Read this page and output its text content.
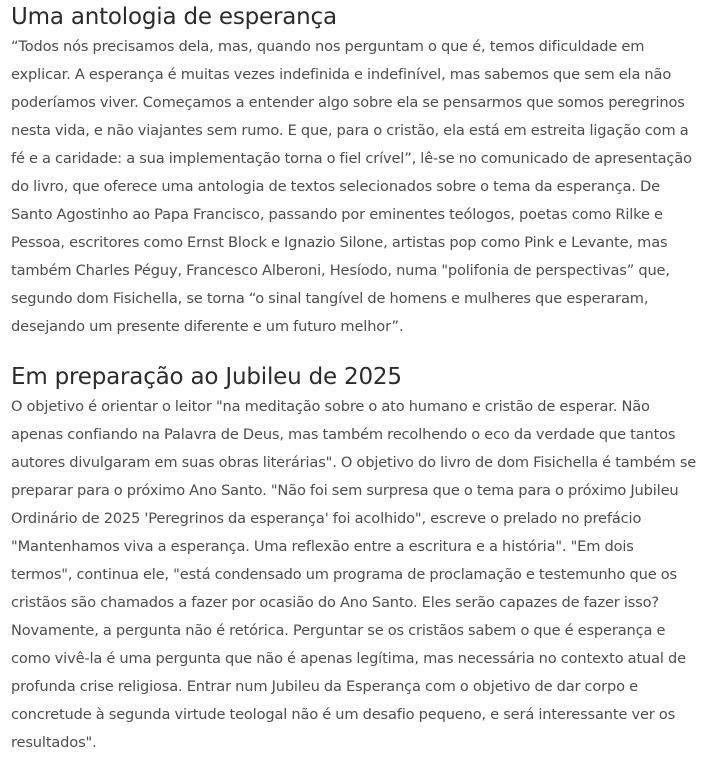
Uma antologia de esperança

“Todos nós precisamos dela, mas, quando nos perguntam o que é, temos dificuldade em explicar. A esperança é muitas vezes indefinida e indefinível, mas sabemos que sem ela não poderíamos viver. Começamos a entender algo sobre ela se pensarmos que somos peregrinos nesta vida, e não viajantes sem rumo. E que, para o cristão, ela está em estreita ligação com a fé e a caridade: a sua implementação torna o fiel crível”, lê-se no comunicado de apresentação do livro, que oferece uma antologia de textos selecionados sobre o tema da esperança. De Santo Agostinho ao Papa Francisco, passando por eminentes teólogos, poetas como Rilke e Pessoa, escritores como Ernst Block e Ignazio Silone, artistas pop como Pink e Levante, mas também Charles Péguy, Francesco Alberoni, Hesíodo, numa "polifonia de perspectivas” que, segundo dom Fisichella, se torna “o sinal tangível de homens e mulheres que esperaram, desejando um presente diferente e um futuro melhor”.

Em preparação ao Jubileu de 2025

O objetivo é orientar o leitor "na meditação sobre o ato humano e cristão de esperar. Não apenas confiando na Palavra de Deus, mas também recolhendo o eco da verdade que tantos autores divulgaram em suas obras literárias". O objetivo do livro de dom Fisichella é também se preparar para o próximo Ano Santo. "Não foi sem surpresa que o tema para o próximo Jubileu Ordinário de 2025 'Peregrinos da esperança' foi acolhido", escreve o prelado no prefácio "Mantenhamos viva a esperança. Uma reflexão entre a escritura e a história". "Em dois termos", continua ele, "está condensado um programa de proclamação e testemunho que os cristãos são chamados a fazer por ocasião do Ano Santo. Eles serão capazes de fazer isso? Novamente, a pergunta não é retórica. Perguntar se os cristãos sabem o que é esperança e como vivê-la é uma pergunta que não é apenas legítima, mas necessária no contexto atual de profunda crise religiosa. Entrar num Jubileu da Esperança com o objetivo de dar corpo e concretude à segunda virtude teologal não é um desafio pequeno, e será interessante ver os resultados".
